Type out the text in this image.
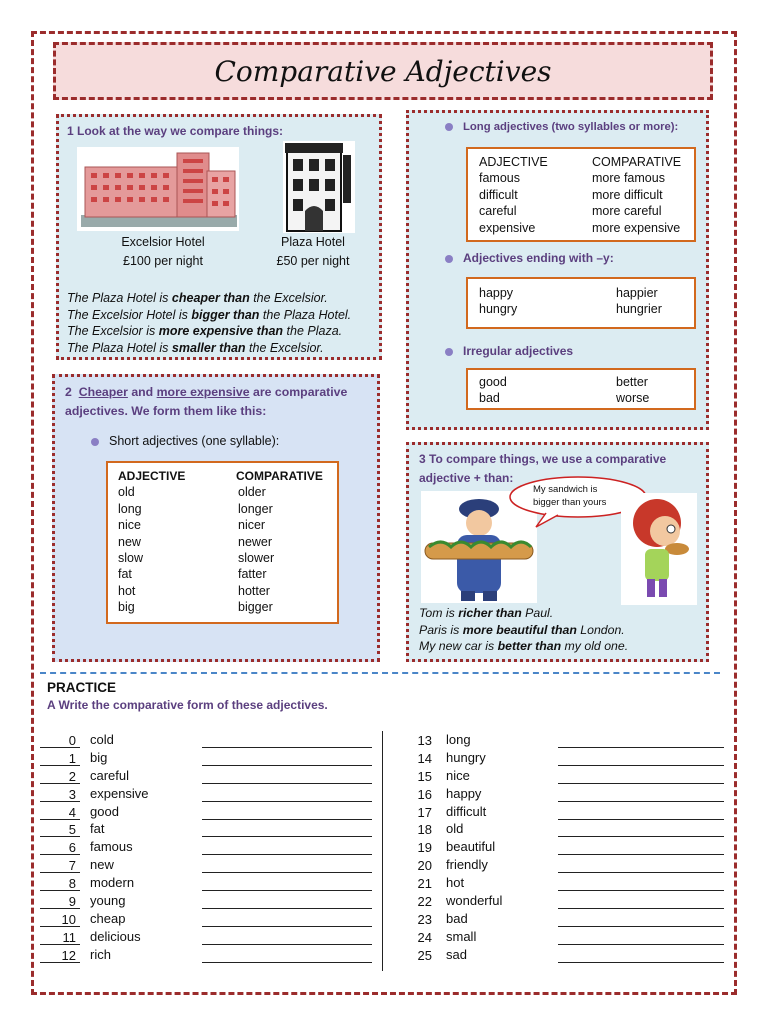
Comparative Adjectives
1 Look at the way we compare things:
Excelsior Hotel
£100 per night
Plaza Hotel
£50 per night
The Plaza Hotel is cheaper than the Excelsior.
The Excelsior Hotel is bigger than the Plaza Hotel.
The Excelsior is more expensive than the Plaza.
The Plaza Hotel is smaller than the Excelsior.
2 Cheaper and more expensive are comparative
adjectives. We form them like this:
Short adjectives (one syllable):
ADJECTIVE	COMPARATIVE
old	older
long	longer
nice	nicer
new	newer
slow	slower
fat	fatter
hot	hotter
big	bigger
Long adjectives (two syllables or more):
ADJECTIVE	COMPARATIVE
famous	more famous
difficult	more difficult
careful	more careful
expensive	more expensive
Adjectives ending with –y:
happy	happier
hungry	hungrier
Irregular adjectives
good	better
bad	worse
3 To compare things, we use a comparative
adjective + than:
My sandwich is
bigger than yours
Tom is richer than Paul.
Paris is more beautiful than London.
My new car is better than my old one.
PRACTICE
A Write the comparative form of these adjectives.
0 cold
1 big
2 careful
3 expensive
4 good
5 fat
6 famous
7 new
8 modern
9 young
10 cheap
11 delicious
12 rich
13 long
14 hungry
15 nice
16 happy
17 difficult
18 old
19 beautiful
20 friendly
21 hot
22 wonderful
23 bad
24 small
25 sad
